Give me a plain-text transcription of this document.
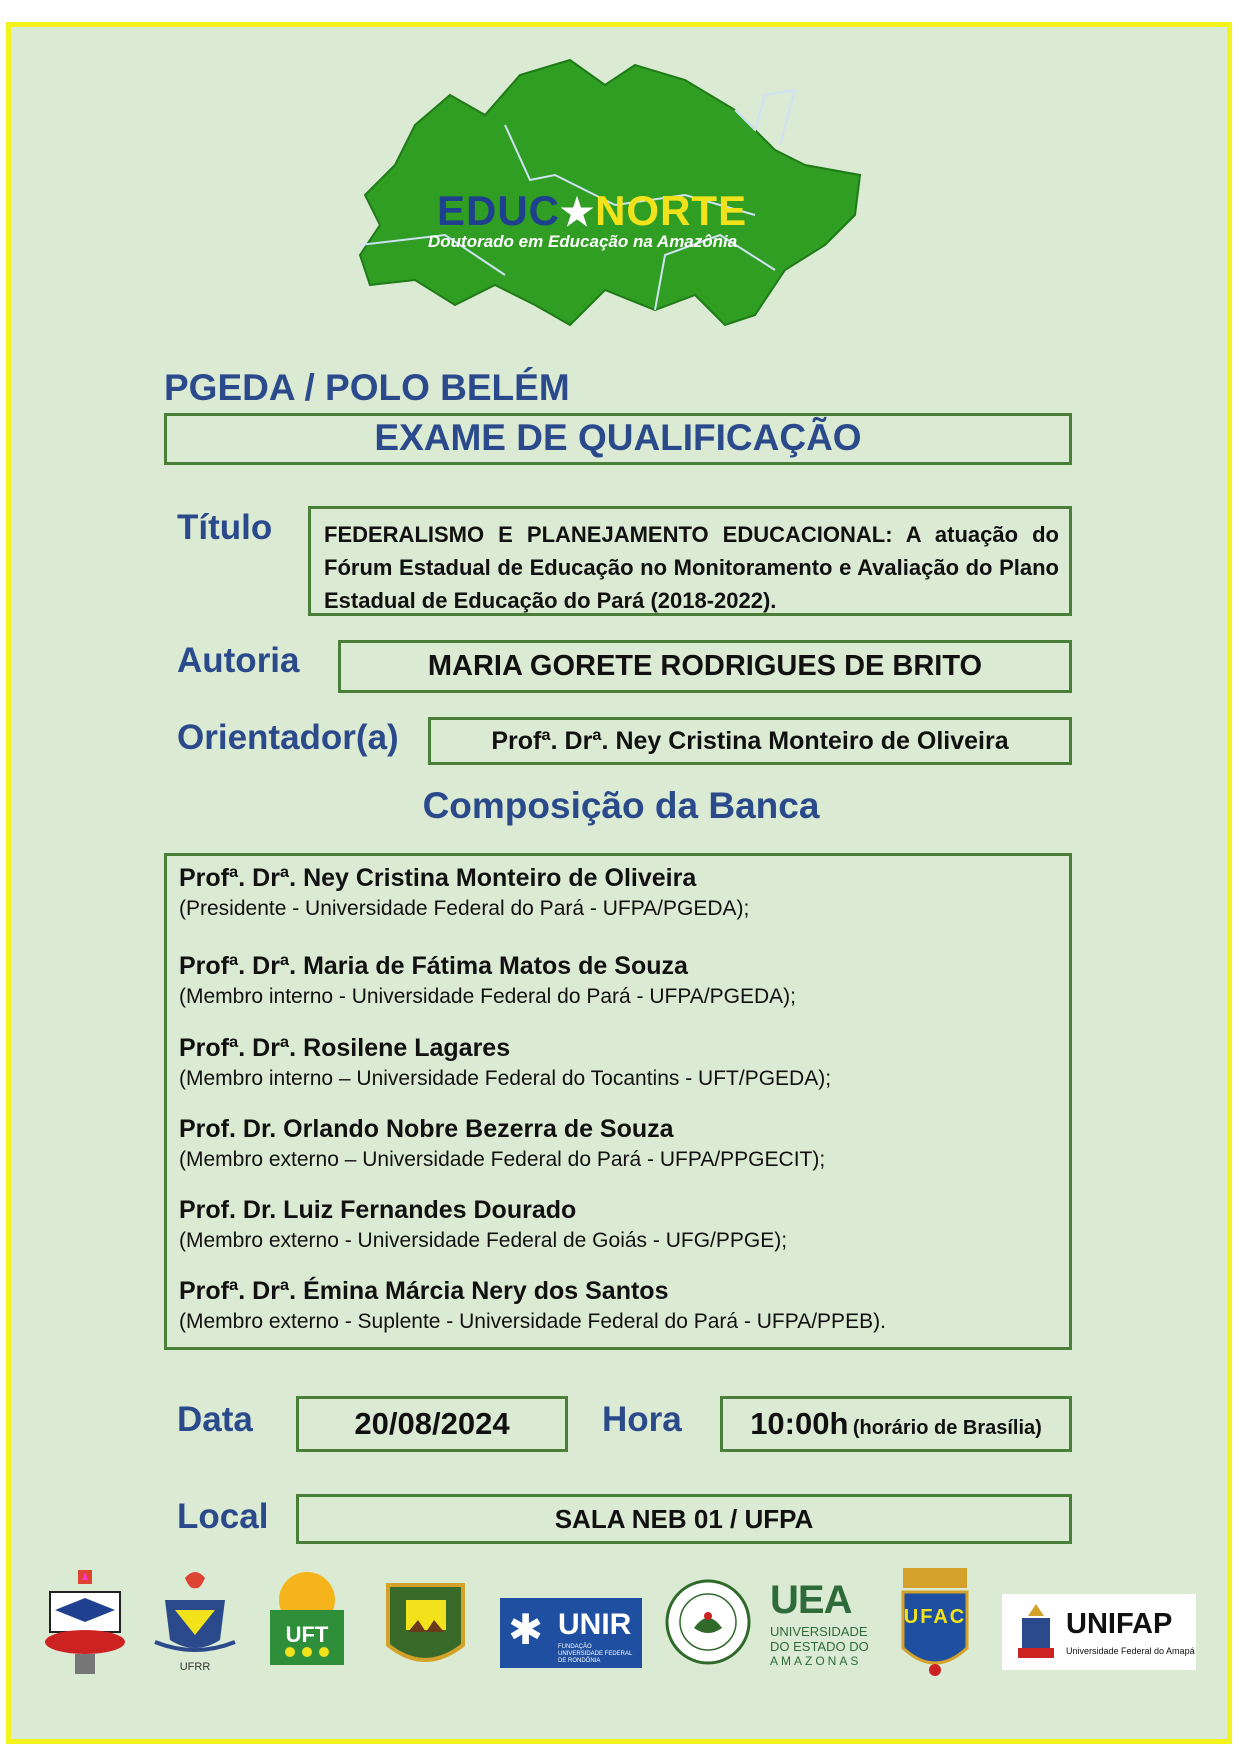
EDUC★NORTE
Doutorado em Educação na Amazônia
PGEDA / POLO BELÉM
EXAME DE QUALIFICAÇÃO
Título FEDERALISMO E PLANEJAMENTO EDUCACIONAL: A atuação do Fórum Estadual de Educação no Monitoramento e Avaliação do Plano Estadual de Educação do Pará (2018-2022).
Autoria	MARIA GORETE RODRIGUES DE BRITO
Orientador(a)	Profª. Drª. Ney Cristina Monteiro de Oliveira
Composição da Banca

Profª. Drª. Ney Cristina Monteiro de Oliveira

(Presidente - Universidade Federal do Pará - UFPA/PGEDA);

Profª. Drª. Maria de Fátima Matos de Souza

(Membro interno - Universidade Federal do Pará - UFPA/PGEDA);

Profª. Drª. Rosilene Lagares

(Membro interno – Universidade Federal do Tocantins - UFT/PGEDA);

Prof. Dr. Orlando Nobre Bezerra de Souza

(Membro externo – Universidade Federal do Pará - UFPA/PPGECIT);

Prof. Dr. Luiz Fernandes Dourado

(Membro externo - Universidade Federal de Goiás - UFG/PPGE);

Profª. Drª. Émina Márcia Nery dos Santos

(Membro externo - Suplente - Universidade Federal do Pará - UFPA/PPEB).

Data	20/08/2024	Hora	10:00h (horário de Brasília)
Local	SALA NEB 01 / UFPA
UFRR
UFT	✱ UNIR
FUNDAÇÃO UNIVERSIDADE FEDERAL DE RONDÔNIA
UEA
UNIVERSIDADE
DO ESTADO DO
AMAZONAS
UFAC	UNIFAP
Universidade Federal do Amapá
